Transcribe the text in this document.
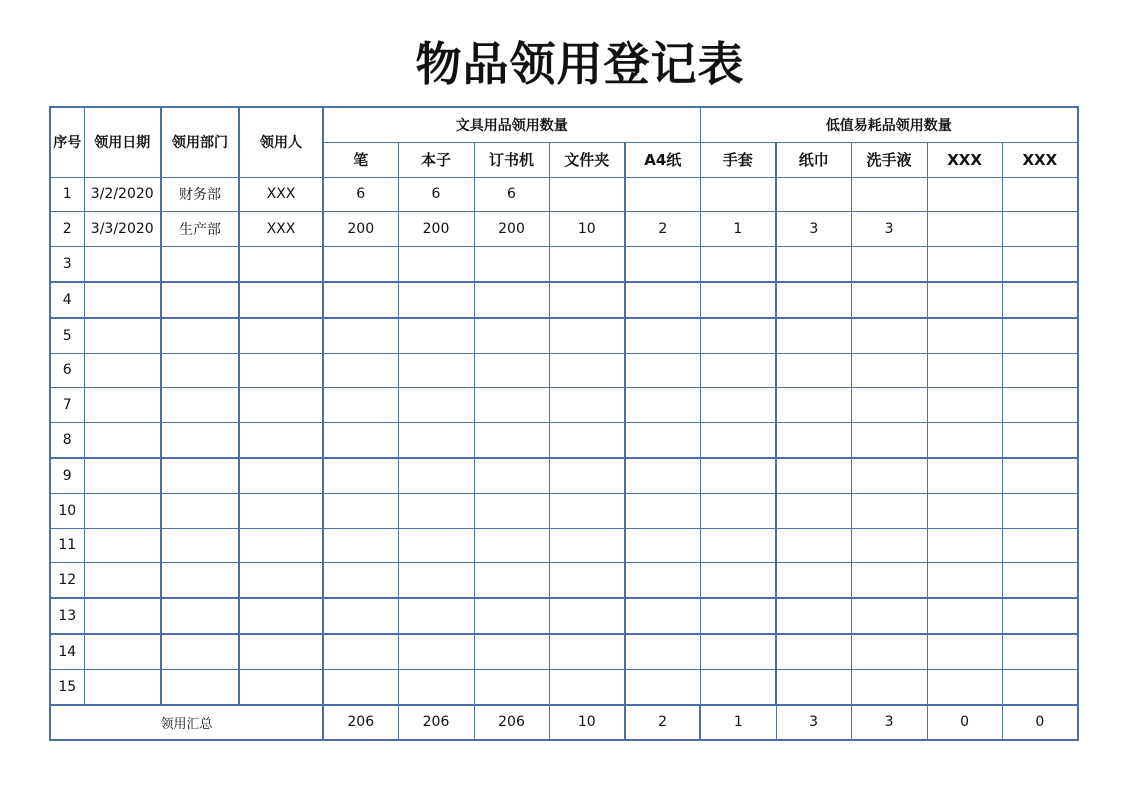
物品领用登记表
序号	领用日期	领用部门	领用人	文具用品领用数量					低值易耗品领用数量				
				笔	本子	订书机	文件夹	A4纸	手套	纸巾	洗手液	XXX	XXX
1	3/2/2020	财务部	XXX	6	6	6							
2	3/3/2020	生产部	XXX	200	200	200	10	2	1	3	3		
3													
4													
5													
6													
7													
8													
9													
10													
11													
12													
13													
14													
15													
领用汇总				206	206	206	10	2	1	3	3	0	0
